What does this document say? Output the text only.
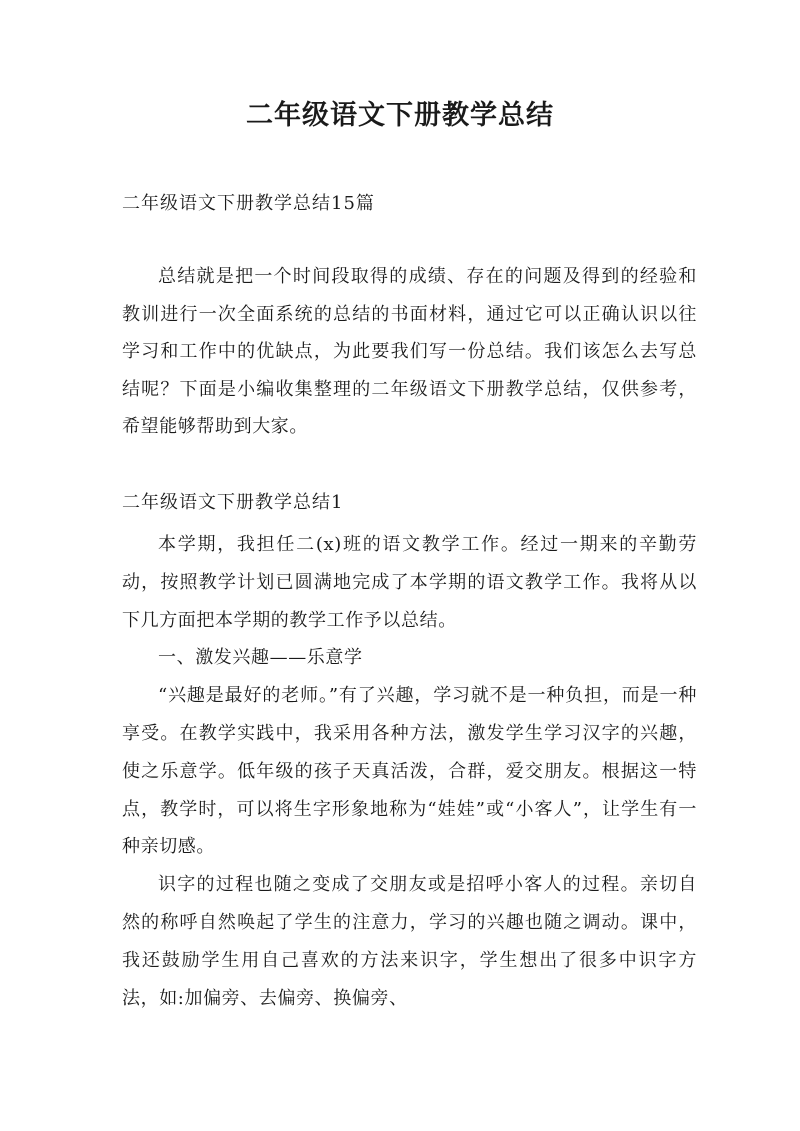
二年级语文下册教学总结
二年级语文下册教学总结15篇

总结就是把一个时间段取得的成绩、存在的问题及得到的经验和教训进行一次全面系统的总结的书面材料，通过它可以正确认识以往学习和工作中的优缺点，为此要我们写一份总结。我们该怎么去写总结呢？下面是小编收集整理的二年级语文下册教学总结，仅供参考，希望能够帮助到大家。

二年级语文下册教学总结1

本学期，我担任二(x)班的语文教学工作。经过一期来的辛勤劳动，按照教学计划已圆满地完成了本学期的语文教学工作。我将从以下几方面把本学期的教学工作予以总结。

一、激发兴趣——乐意学

“兴趣是最好的老师。”有了兴趣，学习就不是一种负担，而是一种享受。在教学实践中，我采用各种方法，激发学生学习汉字的兴趣，使之乐意学。低年级的孩子天真活泼，合群，爱交朋友。根据这一特点，教学时，可以将生字形象地称为“娃娃”或“小客人”，让学生有一种亲切感。

识字的过程也随之变成了交朋友或是招呼小客人的过程。亲切自然的称呼自然唤起了学生的注意力，学习的兴趣也随之调动。课中，我还鼓励学生用自己喜欢的方法来识字，学生想出了很多中识字方法，如:加偏旁、去偏旁、换偏旁、
